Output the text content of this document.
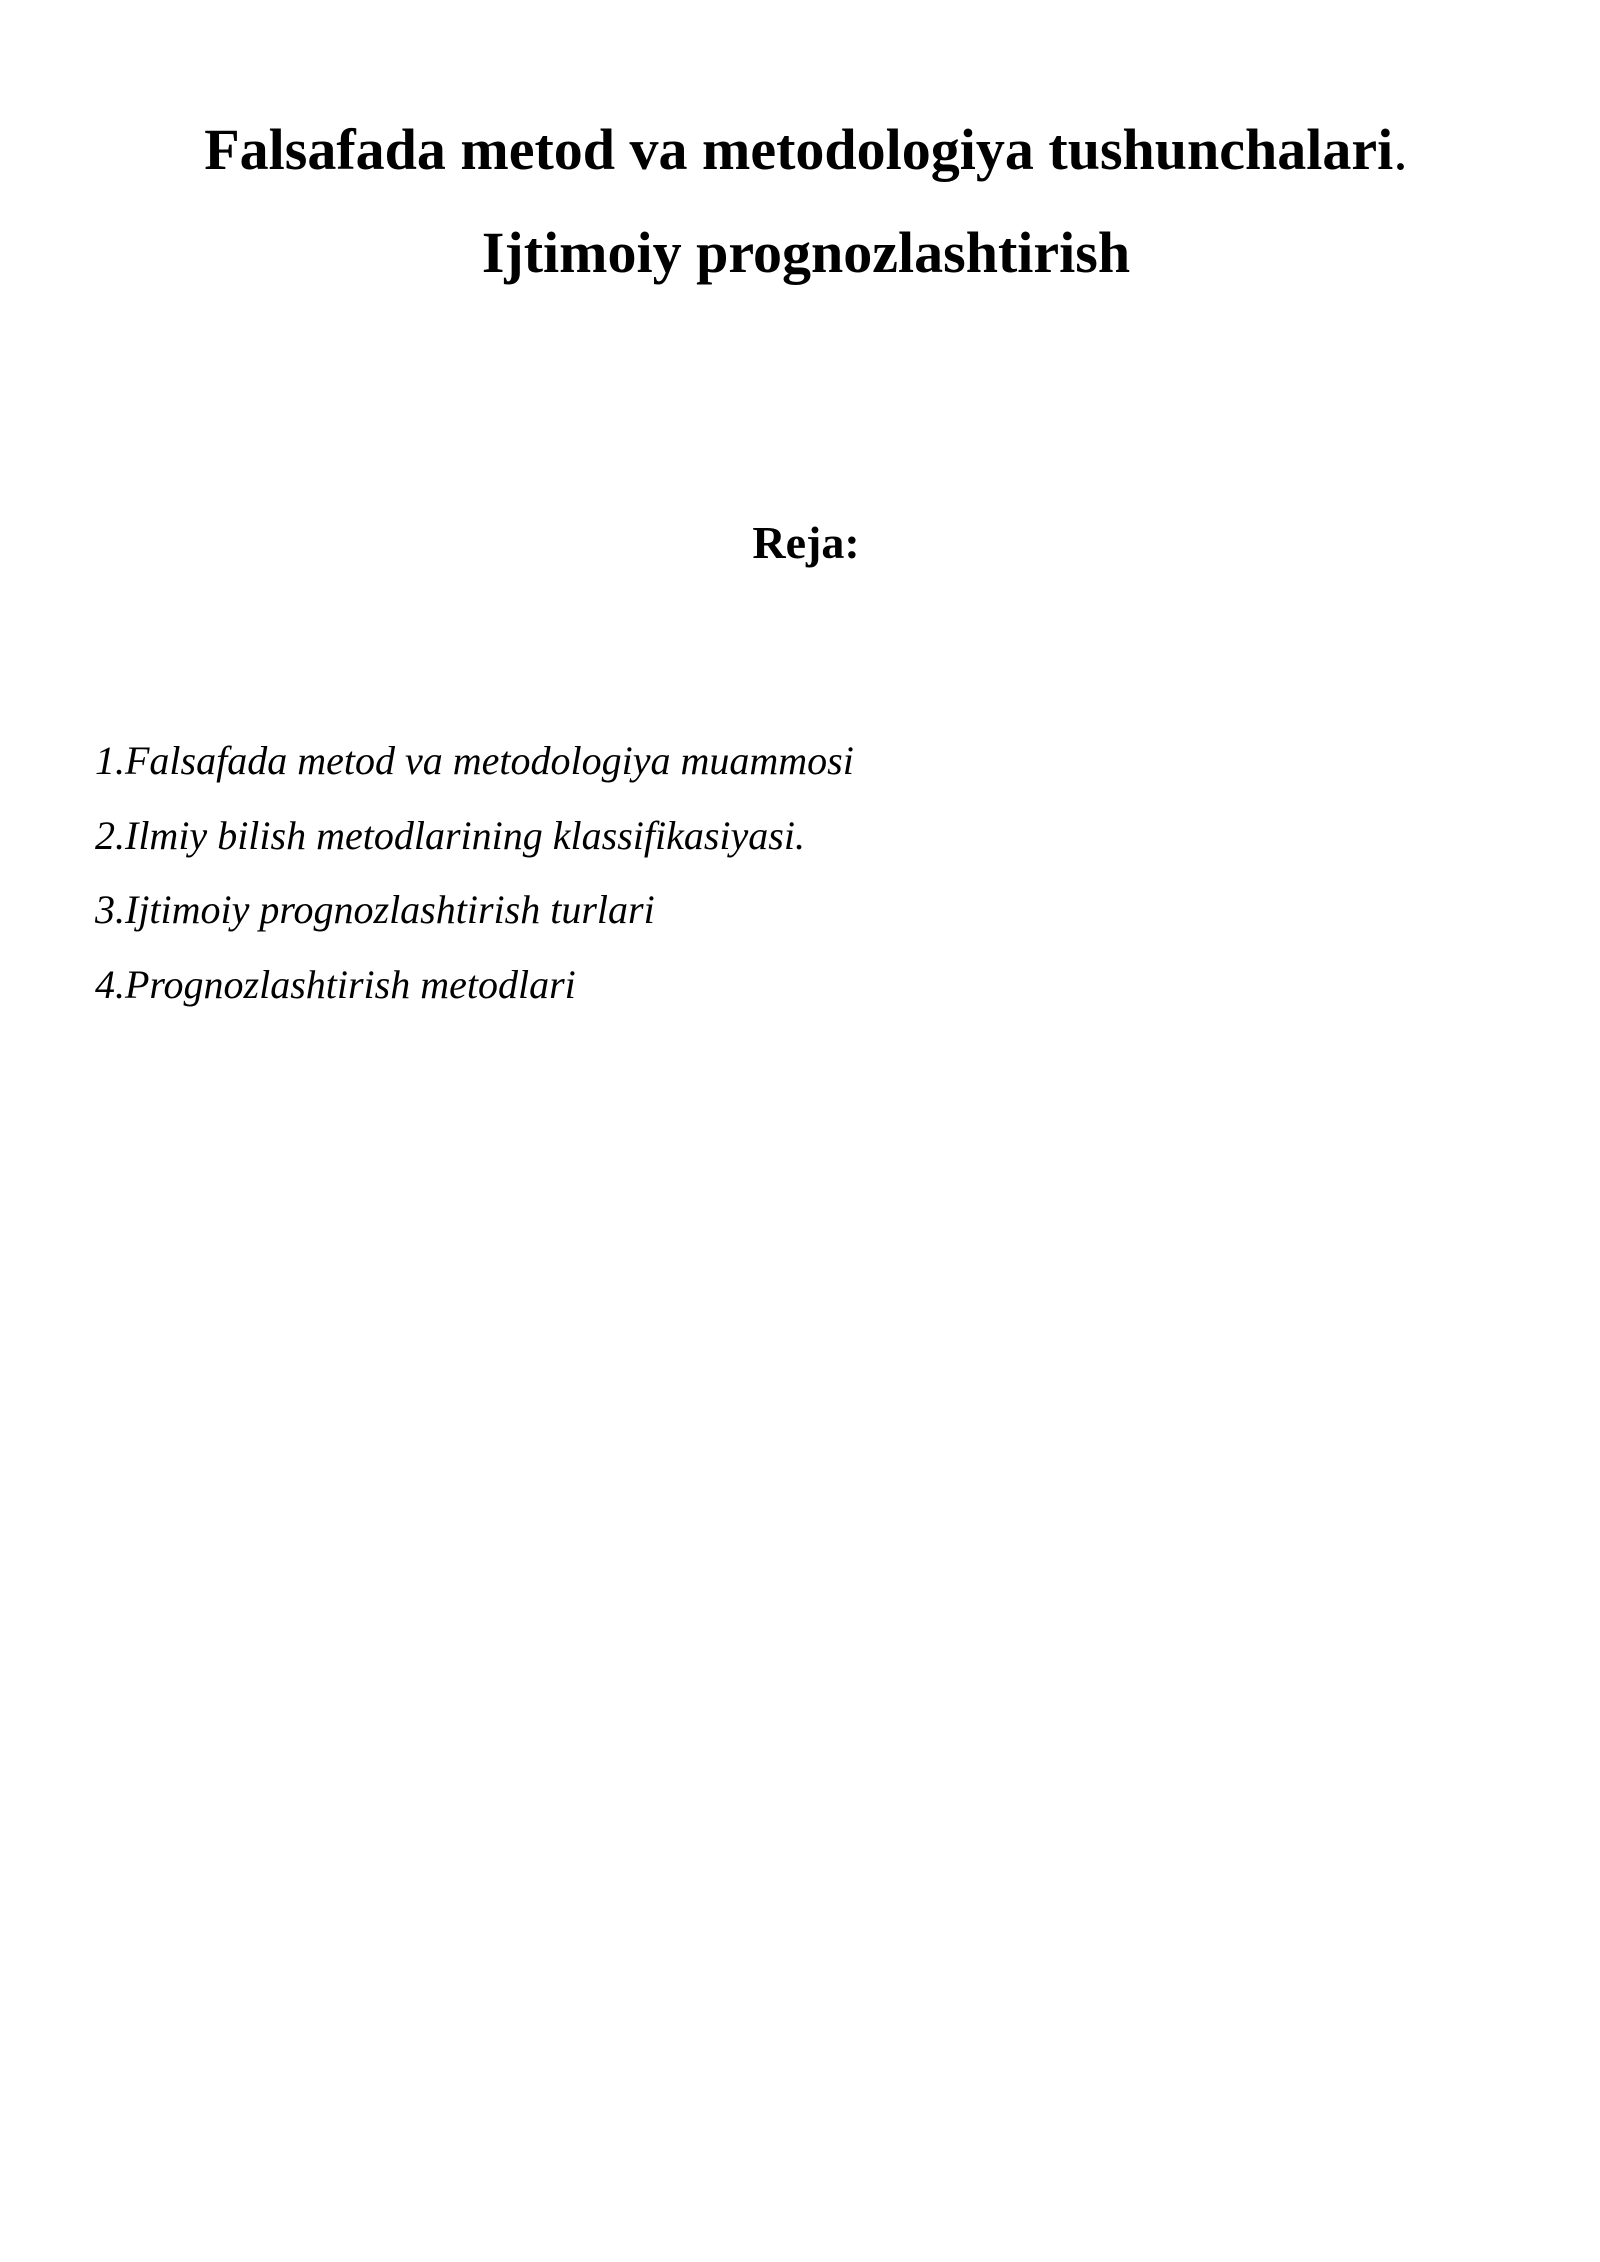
Falsafada metod va metodologiya tushunchalari.
Ijtimoiy prognozlashtirish
Reja:
1.Falsafada metod va metodologiya muammosi
2.Ilmiy bilish metodlarining klassifikasiyasi.
3.Ijtimoiy prognozlashtirish turlari
4.Prognozlashtirish metodlari
